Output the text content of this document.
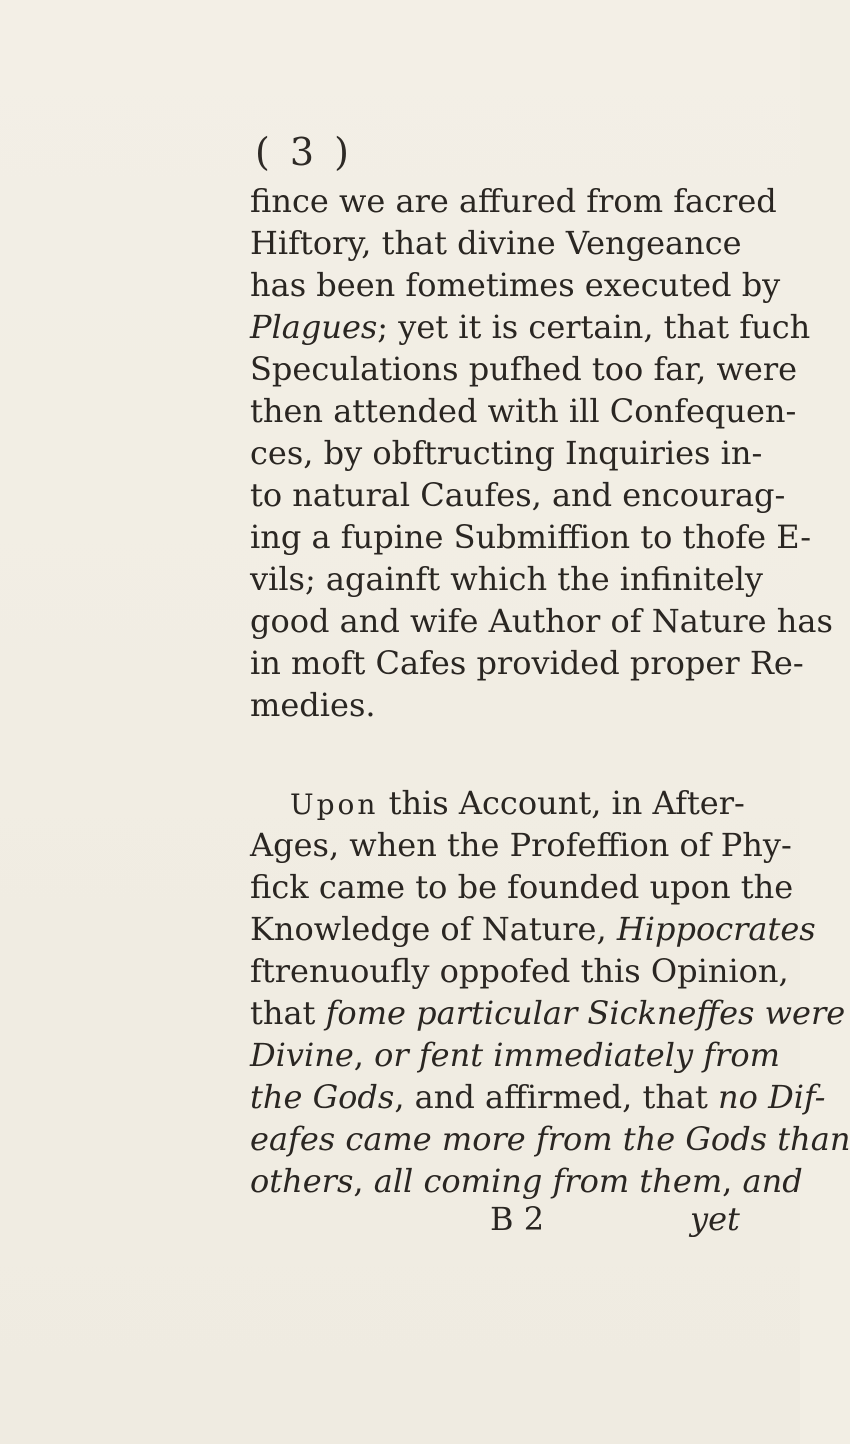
( 3 )
fince we are affured from facred
Hiftory, that divine Vengeance
has been fometimes executed by
Plagues; yet it is certain, that fuch
Speculations pufhed too far, were
then attended with ill Confequen-
ces, by obftructing Inquiries in-
to natural Caufes, and encourag-
ing a fupine Submiffion to thofe E-
vils; againft which the infinitely
good and wife Author of Nature has
in moft Cafes provided proper Re-
medies.
Upon this Account, in After-
Ages, when the Profeffion of Phy-
fick came to be founded upon the
Knowledge of Nature, Hippocrates
ftrenuoufly oppofed this Opinion,
that fome particular Sickneffes were
Divine, or fent immediately from
the Gods, and affirmed, that no Dif-
eafes came more from the Gods than
others, all coming from them, and
B 2	yet
